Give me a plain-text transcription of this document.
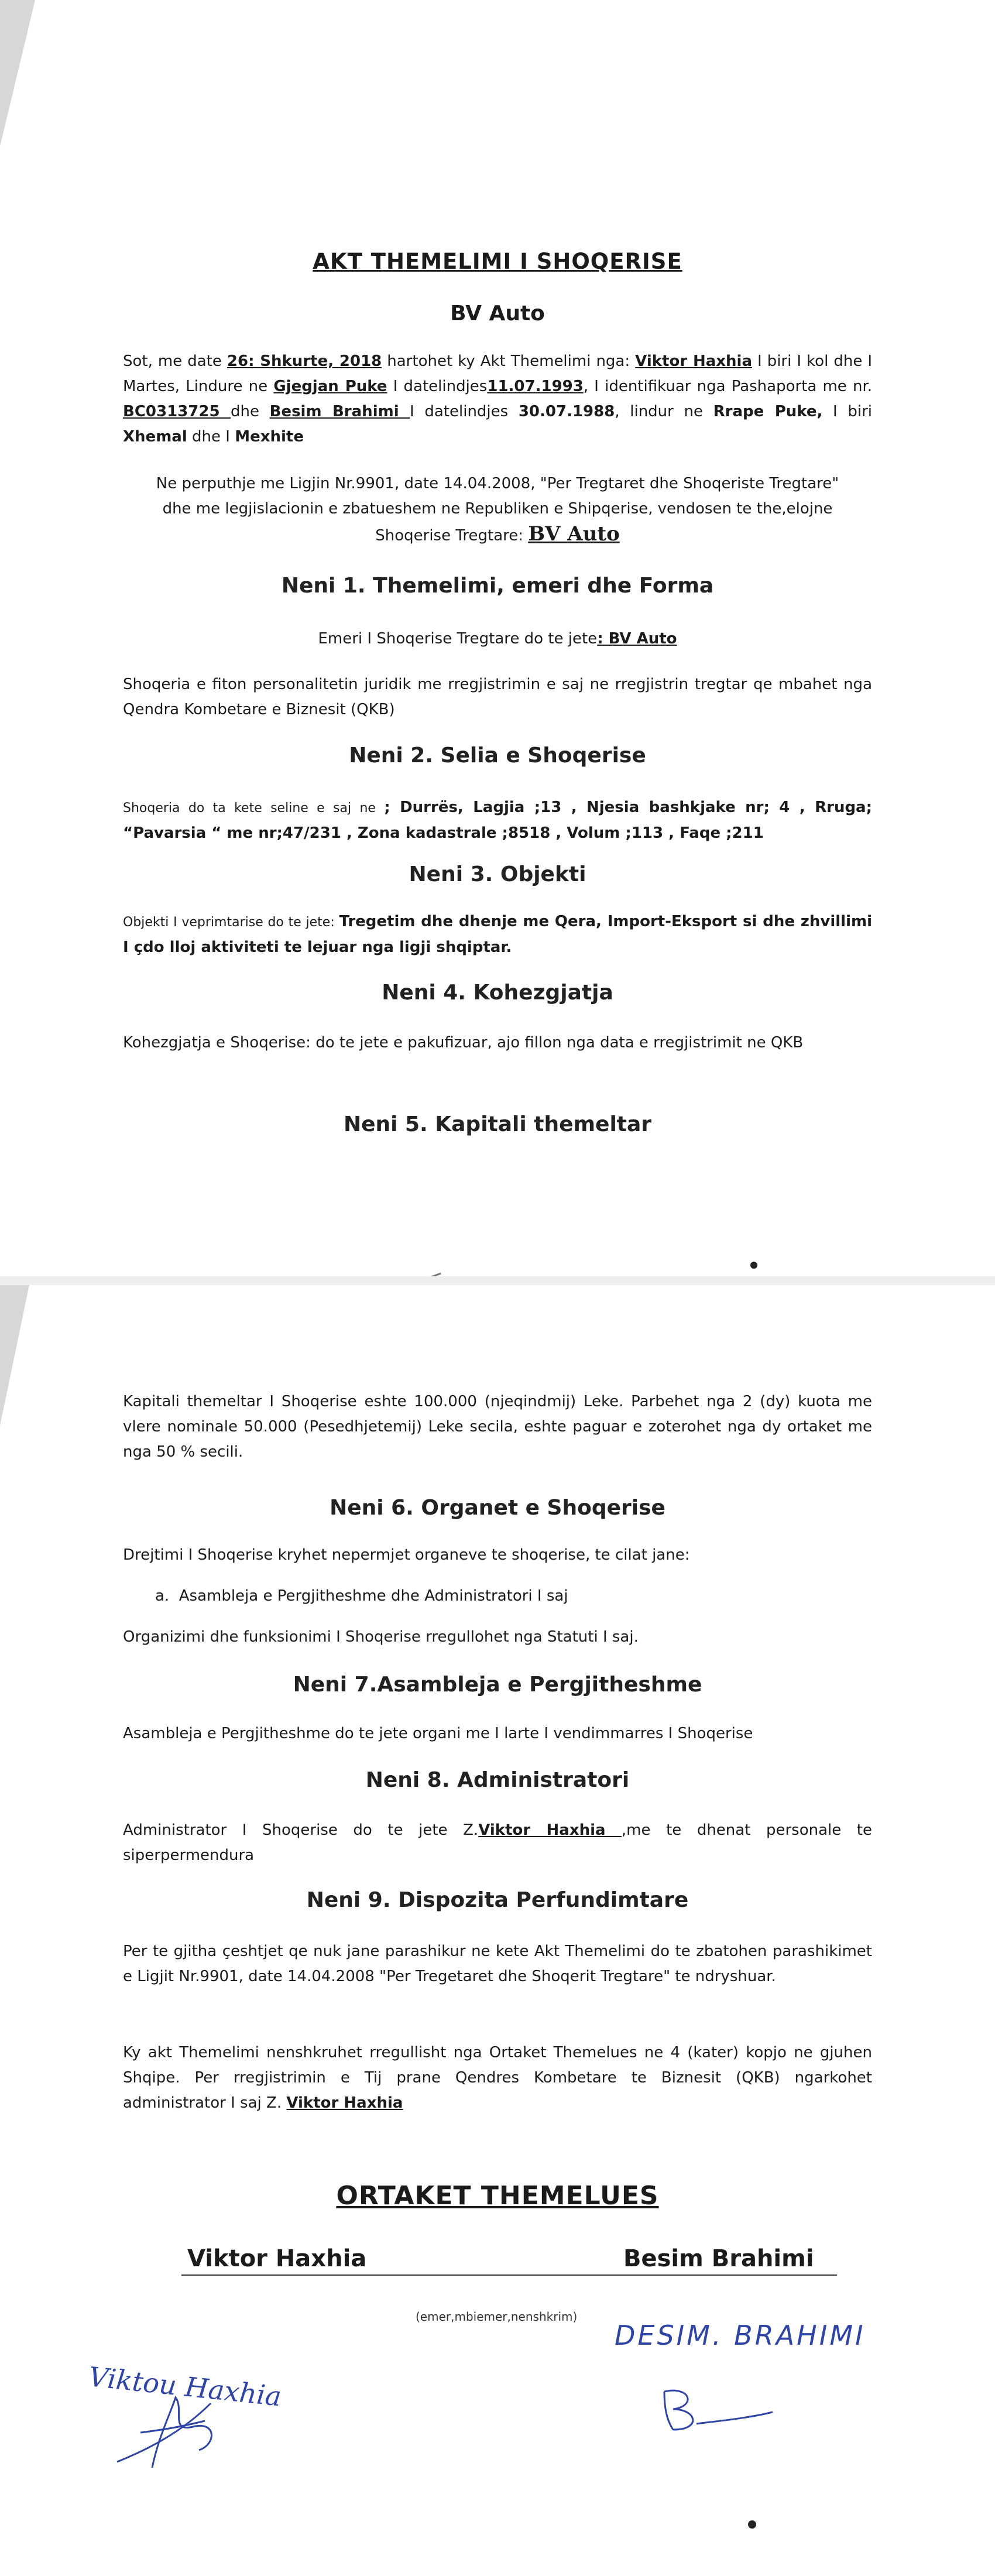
AKT THEMELIMI I SHOQERISE
BV Auto
Sot, me date 26: Shkurte, 2018 hartohet ky Akt Themelimi nga: Viktor Haxhia I biri I kol dhe I Martes, Lindure ne Gjegjan Puke I datelindjes11.07.1993, I identifikuar nga Pashaporta me nr. BC0313725 dhe Besim Brahimi I datelindjes 30.07.1988, lindur ne Rrape Puke, I biri Xhemal dhe I Mexhite
Ne perputhje me Ligjin Nr.9901, date 14.04.2008, "Per Tregtaret dhe Shoqeriste Tregtare"
dhe me legjislacionin e zbatueshem ne Republiken e Shipqerise, vendosen te the,elojne
Shoqerise Tregtare: BV Auto
Neni 1. Themelimi, emeri dhe Forma
Emeri I Shoqerise Tregtare do te jete: BV Auto
Shoqeria e fiton personalitetin juridik me rregjistrimin e saj ne rregjistrin tregtar qe mbahet nga Qendra Kombetare e Biznesit (QKB)
Neni 2. Selia e Shoqerise
Shoqeria do ta kete seline e saj ne ; Durrës, Lagjia ;13 , Njesia bashkjake nr; 4 , Rruga; “Pavarsia “ me nr;47/231 , Zona kadastrale ;8518 , Volum ;113 , Faqe ;211
Neni 3. Objekti
Objekti I veprimtarise do te jete: Tregetim dhe dhenje me Qera, Import-Eksport si dhe zhvillimi I çdo lloj aktiviteti te lejuar nga ligji shqiptar.
Neni 4. Kohezgjatja
Kohezgjatja e Shoqerise: do te jete e pakufizuar, ajo fillon nga data e rregjistrimit ne QKB
Neni 5. Kapitali themeltar
Kapitali themeltar I Shoqerise eshte 100.000 (njeqindmij) Leke. Parbehet nga 2 (dy) kuota me vlere nominale 50.000 (Pesedhjetemij) Leke secila, eshte paguar e zoterohet nga dy ortaket me nga 50 % secili.
Neni 6. Organet e Shoqerise
Drejtimi I Shoqerise kryhet nepermjet organeve te shoqerise, te cilat jane:
a. Asambleja e Pergjitheshme dhe Administratori I saj
Organizimi dhe funksionimi I Shoqerise rregullohet nga Statuti I saj.
Neni 7.Asambleja e Pergjitheshme
Asambleja e Pergjitheshme do te jete organi me I larte I vendimmarres I Shoqerise
Neni 8. Administratori
Administrator I Shoqerise do te jete Z.Viktor Haxhia ,me te dhenat personale te siperpermendura
Neni 9. Dispozita Perfundimtare
Per te gjitha çeshtjet qe nuk jane parashikur ne kete Akt Themelimi do te zbatohen parashikimet e Ligjit Nr.9901, date 14.04.2008 "Per Tregetaret dhe Shoqerit Tregtare" te ndryshuar.
Ky akt Themelimi nenshkruhet rregullisht nga Ortaket Themelues ne 4 (kater) kopjo ne gjuhen Shqipe. Per rregjistrimin e Tij prane Qendres Kombetare te Biznesit (QKB) ngarkohet administrator I saj Z. Viktor Haxhia
ORTAKET THEMELUES
Viktor Haxhia	Besim Brahimi
(emer,mbiemer,nenshkrim)
Viktou Haxhia
DESIM. BRAHIMI
